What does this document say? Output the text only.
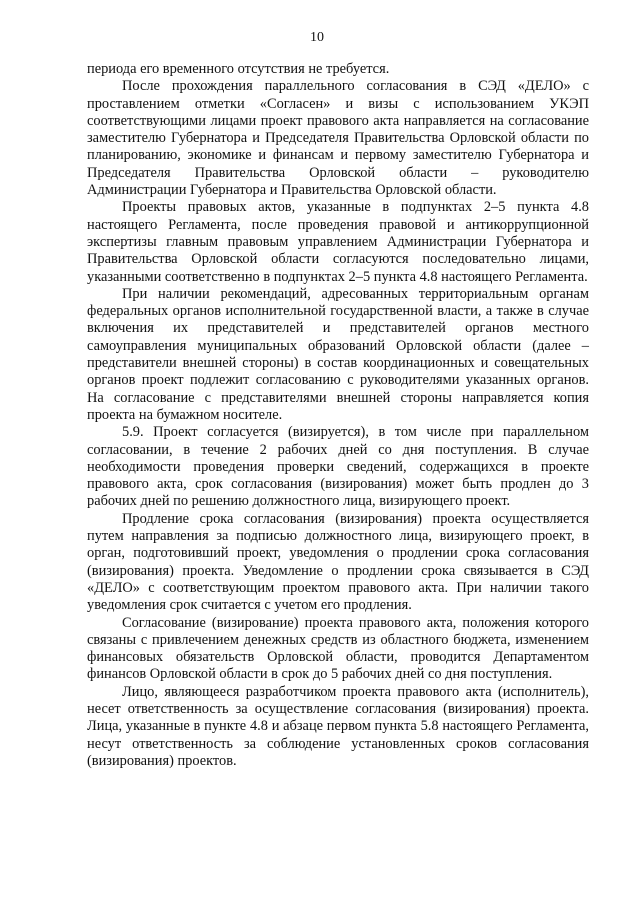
10

периода его временного отсутствия не требуется.

После прохождения параллельного согласования в СЭД «ДЕЛО» с проставлением отметки «Согласен» и визы с использованием УКЭП соответствующими лицами проект правового акта направляется на согласование заместителю Губернатора и Председателя Правительства Орловской области по планированию, экономике и финансам и первому заместителю Губернатора и Председателя Правительства Орловской области – руководителю Администрации Губернатора и Правительства Орловской области.

Проекты правовых актов, указанные в подпунктах 2–5 пункта 4.8 настоящего Регламента, после проведения правовой и антикоррупционной экспертизы главным правовым управлением Администрации Губернатора и Правительства Орловской области согласуются последовательно лицами, указанными соответственно в подпунктах 2–5 пункта 4.8 настоящего Регламента.

При наличии рекомендаций, адресованных территориальным органам федеральных органов исполнительной государственной власти, а также в случае включения их представителей и представителей органов местного самоуправления муниципальных образований Орловской области (далее – представители внешней стороны) в состав координационных и совещательных органов проект подлежит согласованию с руководителями указанных органов. На согласование с представителями внешней стороны направляется копия проекта на бумажном носителе.

5.9. Проект согласуется (визируется), в том числе при параллельном согласовании, в течение 2 рабочих дней со дня поступления. В случае необходимости проведения проверки сведений, содержащихся в проекте правового акта, срок согласования (визирования) может быть продлен до 3 рабочих дней по решению должностного лица, визирующего проект.

Продление срока согласования (визирования) проекта осуществляется путем направления за подписью должностного лица, визирующего проект, в орган, подготовивший проект, уведомления о продлении срока согласования (визирования) проекта. Уведомление о продлении срока связывается в СЭД «ДЕЛО» с соответствующим проектом правового акта. При наличии такого уведомления срок считается с учетом его продления.

Согласование (визирование) проекта правового акта, положения которого связаны с привлечением денежных средств из областного бюджета, изменением финансовых обязательств Орловской области, проводится Департаментом финансов Орловской области в срок до 5 рабочих дней со дня поступления.

Лицо, являющееся разработчиком проекта правового акта (исполнитель), несет ответственность за осуществление согласования (визирования) проекта. Лица, указанные в пункте 4.8 и абзаце первом пункта 5.8 настоящего Регламента, несут ответственность за соблюдение установленных сроков согласования (визирования) проектов.
